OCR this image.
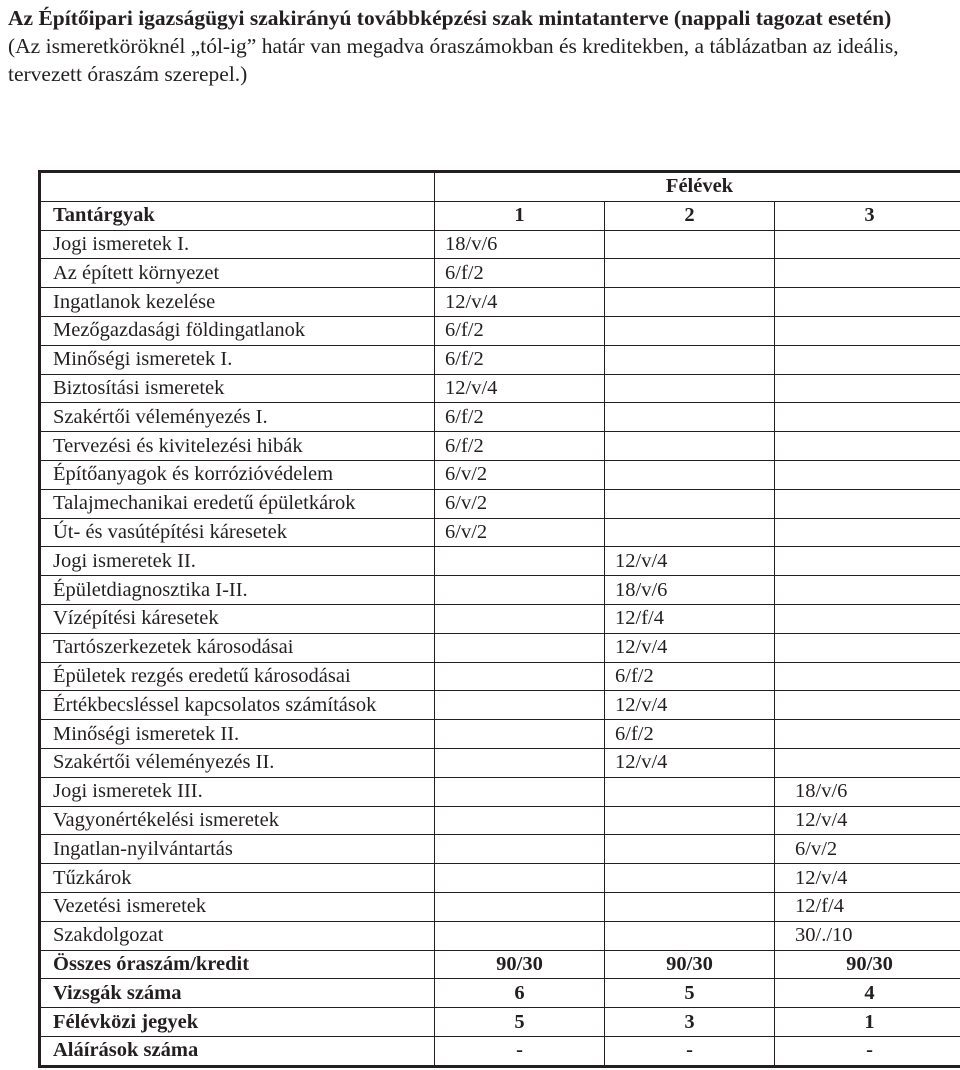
Az Építőipari igazságügyi szakirányú továbbképzési szak mintatanterve (nappali tagozat esetén)
(Az ismeretköröknél „tól-ig” határ van megadva óraszámokban és kreditekben, a táblázatban az ideális, tervezett óraszám szerepel.)
	Félévek		
Tantárgyak	1	2	3
Jogi ismeretek I.	18/v/6		
Az épített környezet	6/f/2		
Ingatlanok kezelése	12/v/4		
Mezőgazdasági földingatlanok	6/f/2		
Minőségi ismeretek I.	6/f/2		
Biztosítási ismeretek	12/v/4		
Szakértői véleményezés I.	6/f/2		
Tervezési és kivitelezési hibák	6/f/2		
Építőanyagok és korrózióvédelem	6/v/2		
Talajmechanikai eredetű épületkárok	6/v/2		
Út- és vasútépítési káresetek	6/v/2		
Jogi ismeretek II.		12/v/4	
Épületdiagnosztika I-II.		18/v/6	
Vízépítési káresetek		12/f/4	
Tartószerkezetek károsodásai		12/v/4	
Épületek rezgés eredetű károsodásai		6/f/2	
Értékbecsléssel kapcsolatos számítások		12/v/4	
Minőségi ismeretek II.		6/f/2	
Szakértői véleményezés II.		12/v/4	
Jogi ismeretek III.			18/v/6
Vagyonértékelési ismeretek			12/v/4
Ingatlan-nyilvántartás			6/v/2
Tűzkárok			12/v/4
Vezetési ismeretek			12/f/4
Szakdolgozat			30/./10
Összes óraszám/kredit	90/30	90/30	90/30
Vizsgák száma	6	5	4
Félévközi jegyek	5	3	1
Aláírások száma	-	-	-
